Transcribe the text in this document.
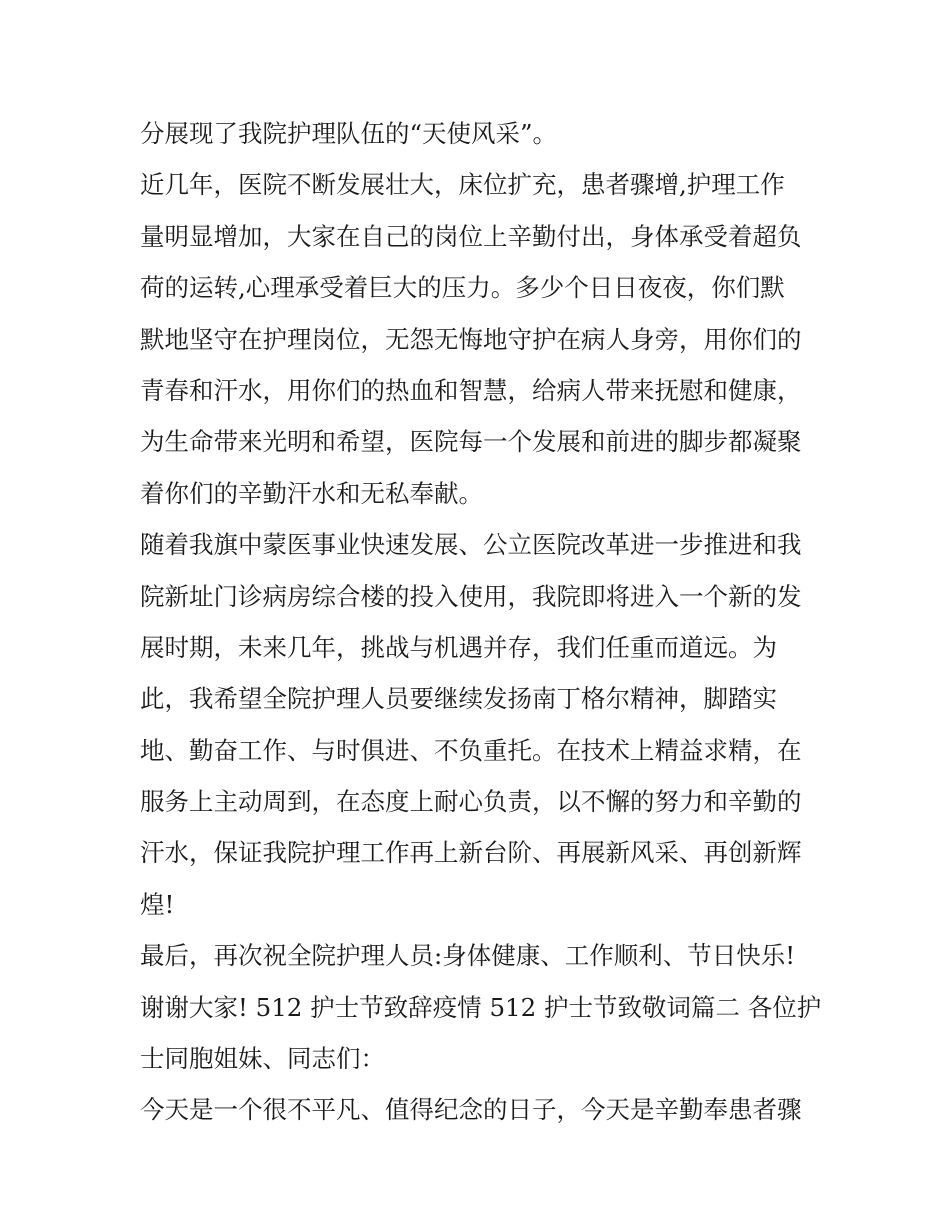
分展现了我院护理队伍的“天使风采”。
近几年，医院不断发展壮大，床位扩充，患者骤增,护理工作
量明显增加，大家在自己的岗位上辛勤付出，身体承受着超负
荷的运转,心理承受着巨大的压力。多少个日日夜夜，你们默
默地坚守在护理岗位，无怨无悔地守护在病人身旁，用你们的
青春和汗水，用你们的热血和智慧，给病人带来抚慰和健康，
为生命带来光明和希望，医院每一个发展和前进的脚步都凝聚
着你们的辛勤汗水和无私奉献。
随着我旗中蒙医事业快速发展、公立医院改革进一步推进和我
院新址门诊病房综合楼的投入使用，我院即将进入一个新的发
展时期，未来几年，挑战与机遇并存，我们任重而道远。为
此，我希望全院护理人员要继续发扬南丁格尔精神，脚踏实
地、勤奋工作、与时俱进、不负重托。在技术上精益求精，在
服务上主动周到，在态度上耐心负责，以不懈的努力和辛勤的
汗水，保证我院护理工作再上新台阶、再展新风采、再创新辉
煌!
最后，再次祝全院护理人员:身体健康、工作顺利、节日快乐!
谢谢大家! 512 护士节致辞疫情 512 护士节致敬词篇二 各位护
士同胞姐妹、同志们：
今天是一个很不平凡、值得纪念的日子，今天是辛勤奉患者骤
